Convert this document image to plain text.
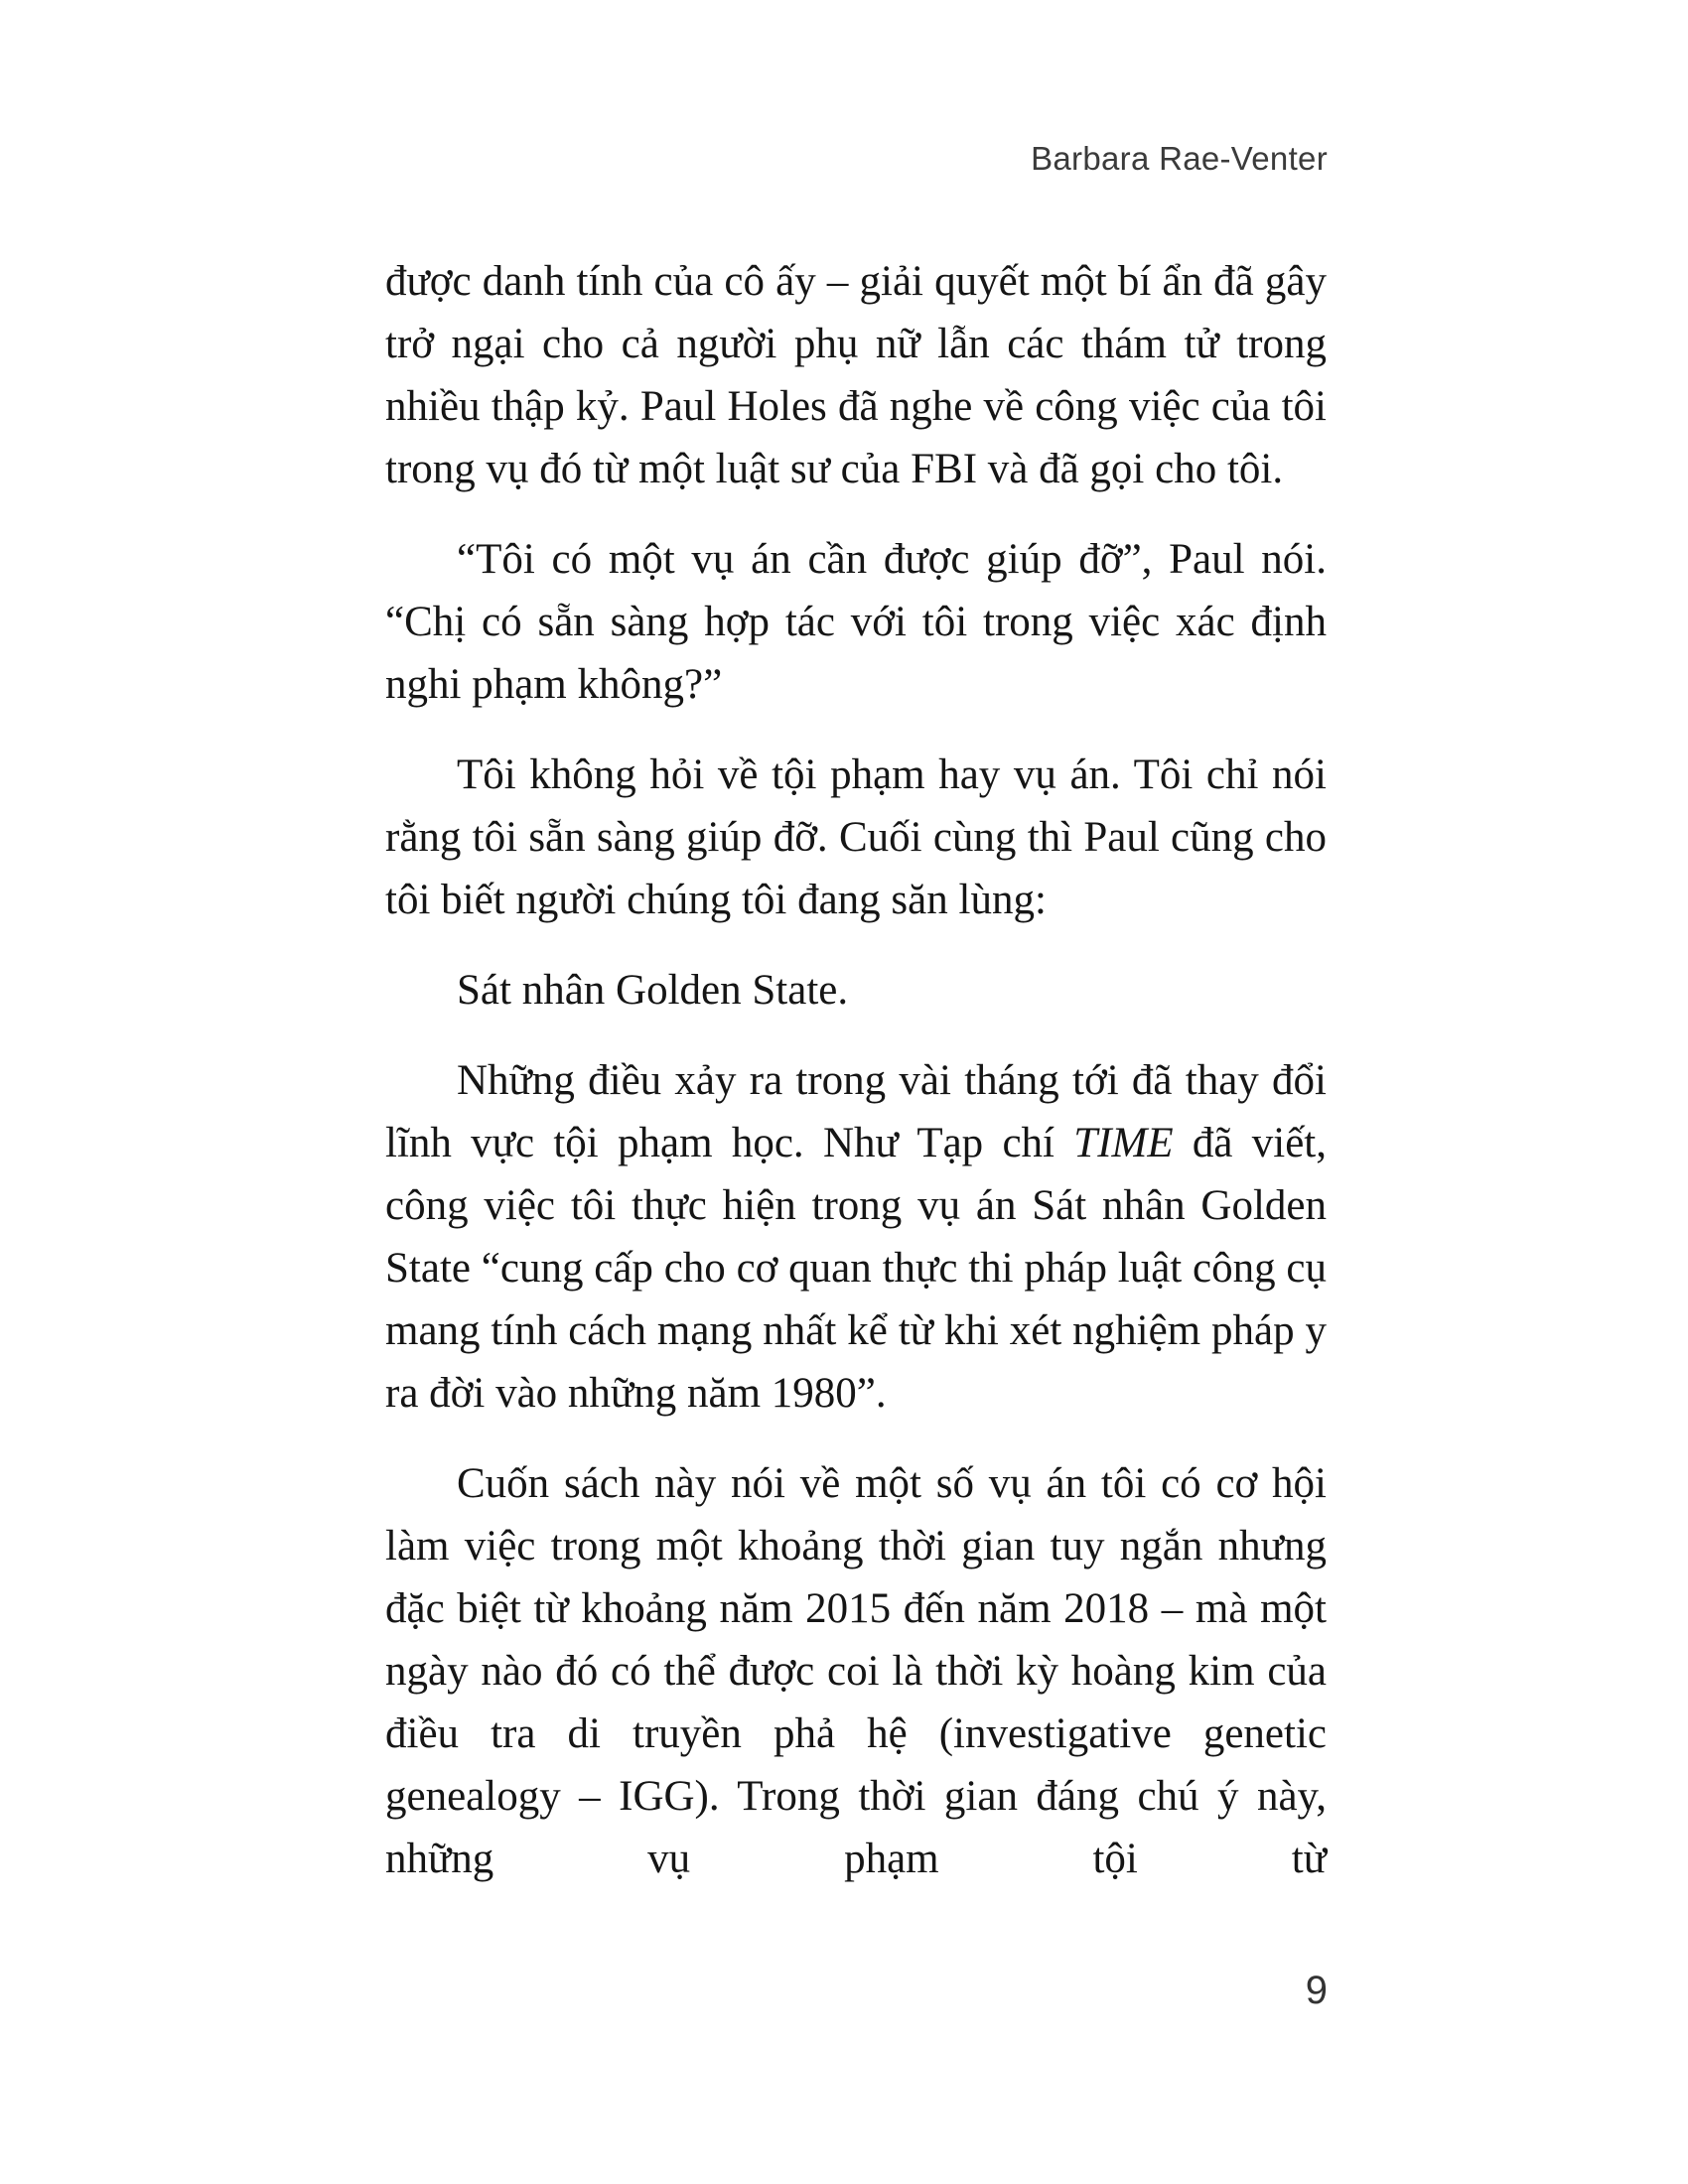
Barbara Rae-Venter

được danh tính của cô ấy – giải quyết một bí ẩn đã gây trở ngại cho cả người phụ nữ lẫn các thám tử trong nhiều thập kỷ. Paul Holes đã nghe về công việc của tôi trong vụ đó từ một luật sư của FBI và đã gọi cho tôi.

“Tôi có một vụ án cần được giúp đỡ”, Paul nói. “Chị có sẵn sàng hợp tác với tôi trong việc xác định nghi phạm không?”

Tôi không hỏi về tội phạm hay vụ án. Tôi chỉ nói rằng tôi sẵn sàng giúp đỡ. Cuối cùng thì Paul cũng cho tôi biết người chúng tôi đang săn lùng:

Sát nhân Golden State.

Những điều xảy ra trong vài tháng tới đã thay đổi lĩnh vực tội phạm học. Như Tạp chí TIME đã viết, công việc tôi thực hiện trong vụ án Sát nhân Golden State “cung cấp cho cơ quan thực thi pháp luật công cụ mang tính cách mạng nhất kể từ khi xét nghiệm pháp y ra đời vào những năm 1980”.

Cuốn sách này nói về một số vụ án tôi có cơ hội làm việc trong một khoảng thời gian tuy ngắn nhưng đặc biệt từ khoảng năm 2015 đến năm 2018 – mà một ngày nào đó có thể được coi là thời kỳ hoàng kim của điều tra di truyền phả hệ (investigative genetic genealogy – IGG). Trong thời gian đáng chú ý này, những vụ phạm tội từ

9
